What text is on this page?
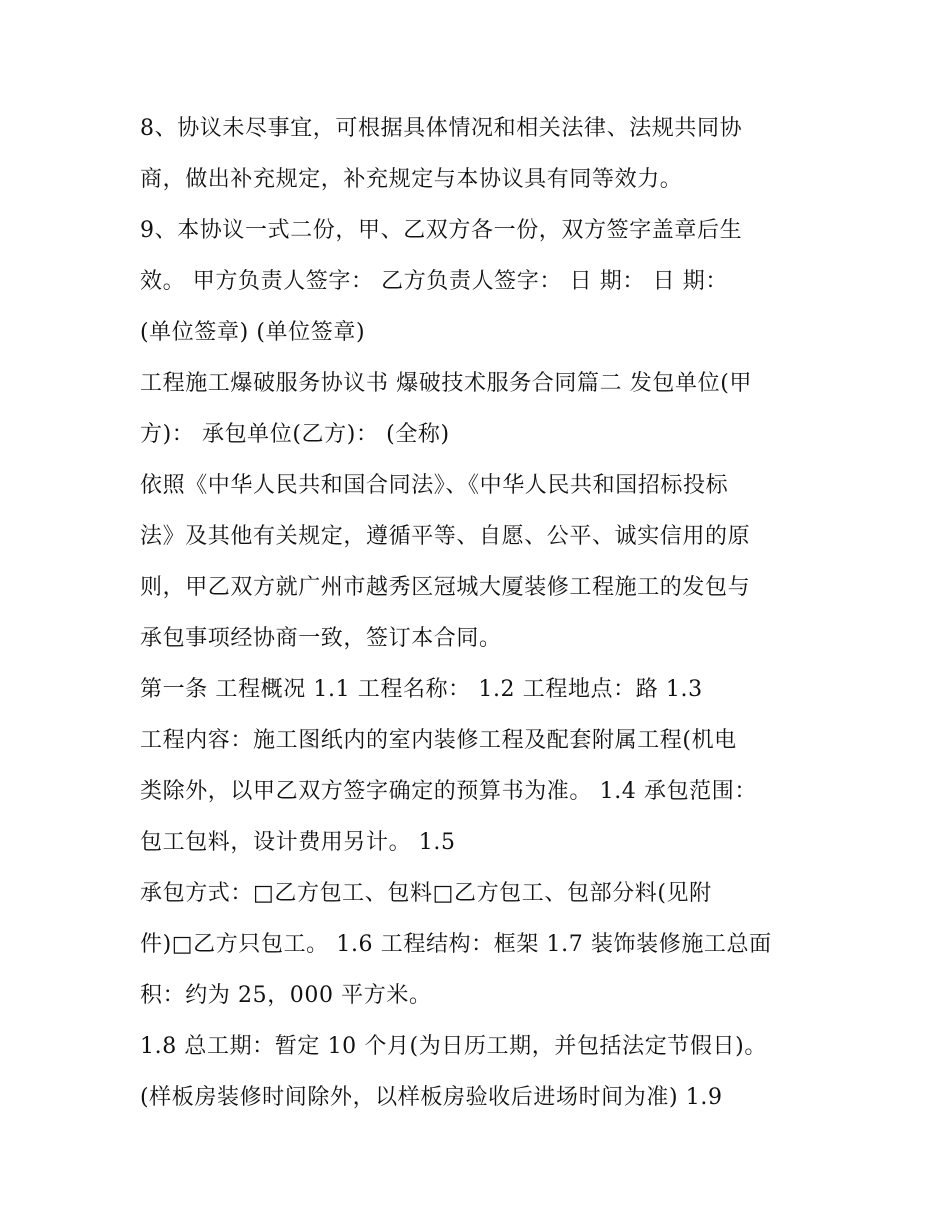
8、协议未尽事宜，可根据具体情况和相关法律、法规共同协
商，做出补充规定，补充规定与本协议具有同等效力。
9、本协议一式二份，甲、乙双方各一份，双方签字盖章后生
效。 甲方负责人签字： 乙方负责人签字： 日 期： 日 期：
(单位签章) (单位签章)
工程施工爆破服务协议书 爆破技术服务合同篇二 发包单位(甲
方)： 承包单位(乙方)： (全称)
依照《中华人民共和国合同法》、《中华人民共和国招标投标
法》及其他有关规定，遵循平等、自愿、公平、诚实信用的原
则，甲乙双方就广州市越秀区冠城大厦装修工程施工的发包与
承包事项经协商一致，签订本合同。
第一条 工程概况 1.1 工程名称： 1.2 工程地点：路 1.3
工程内容：施工图纸内的室内装修工程及配套附属工程(机电
类除外，以甲乙双方签字确定的预算书为准。 1.4 承包范围：
包工包料，设计费用另计。 1.5
承包方式：□乙方包工、包料□乙方包工、包部分料(见附
件)□乙方只包工。 1.6 工程结构：框架 1.7 装饰装修施工总面
积：约为 25，000 平方米。
1.8 总工期：暂定 10 个月(为日历工期，并包括法定节假日)。
(样板房装修时间除外，以样板房验收后进场时间为准) 1.9
